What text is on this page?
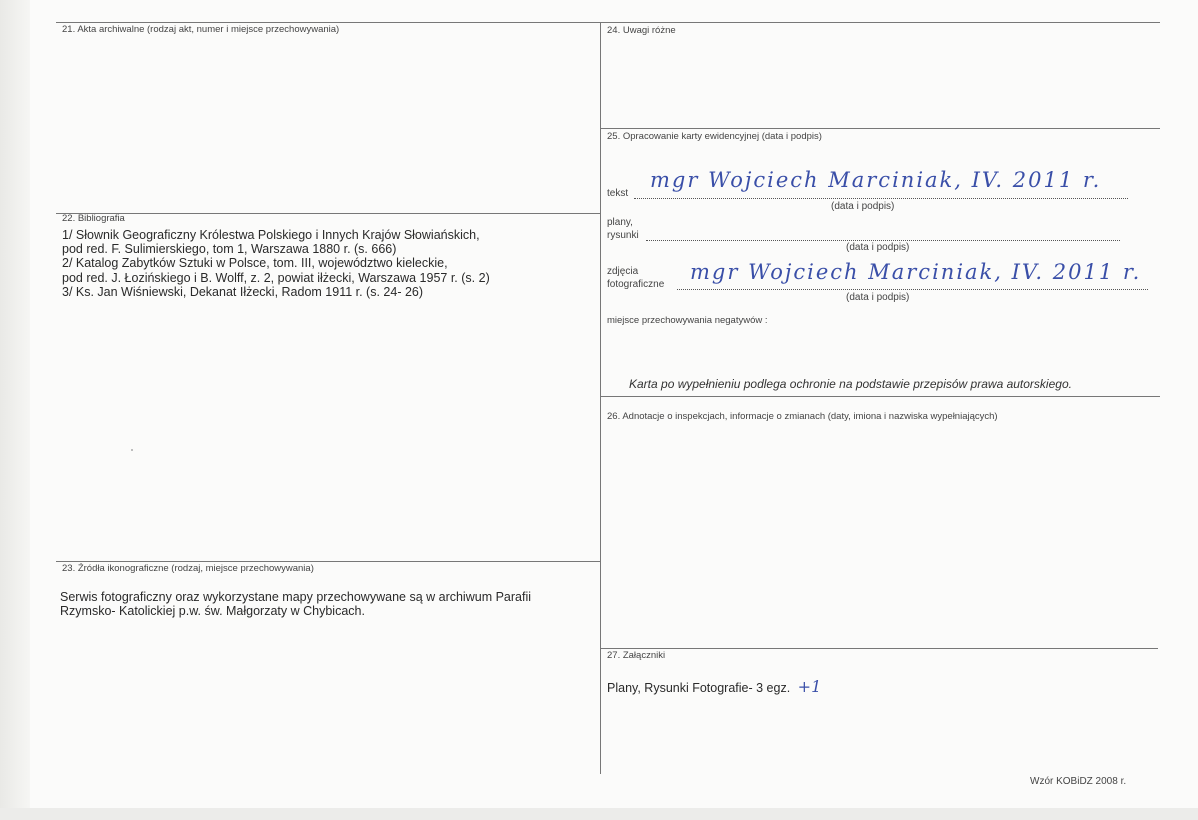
21. Akta archiwalne (rodzaj akt, numer i miejsce przechowywania)
22. Bibliografia
1/ Słownik Geograficzny Królestwa Polskiego i Innych Krajów Słowiańskich,
pod red. F. Sulimierskiego, tom 1, Warszawa 1880 r. (s. 666)
2/ Katalog Zabytków Sztuki w Polsce, tom. III, województwo kieleckie,
pod red. J. Łozińskiego i B. Wolff, z. 2, powiat iłżecki, Warszawa 1957 r. (s. 2)
3/ Ks. Jan Wiśniewski, Dekanat Iłżecki, Radom 1911 r. (s. 24- 26)
23. Źródła ikonograficzne (rodzaj, miejsce przechowywania)
Serwis fotograficzny oraz wykorzystane mapy przechowywane są w archiwum Parafii
Rzymsko- Katolickiej p.w. św. Małgorzaty w Chybicach.
24. Uwagi różne
25. Opracowanie karty ewidencyjnej (data i podpis)
tekst
mgr Wojciech Marciniak, IV. 2011 r.
(data i podpis)
plany,
rysunki
(data i podpis)
zdjęcia
fotograficzne
mgr Wojciech Marciniak, IV. 2011 r.
(data i podpis)
miejsce przechowywania negatywów :
Karta po wypełnieniu podlega ochronie na podstawie przepisów prawa autorskiego.
26. Adnotacje o inspekcjach, informacje o zmianach (daty, imiona i nazwiska wypełniających)
27. Załączniki
Plany, Rysunki Fotografie- 3 egz. +1
Wzór KOBiDZ 2008 r.
